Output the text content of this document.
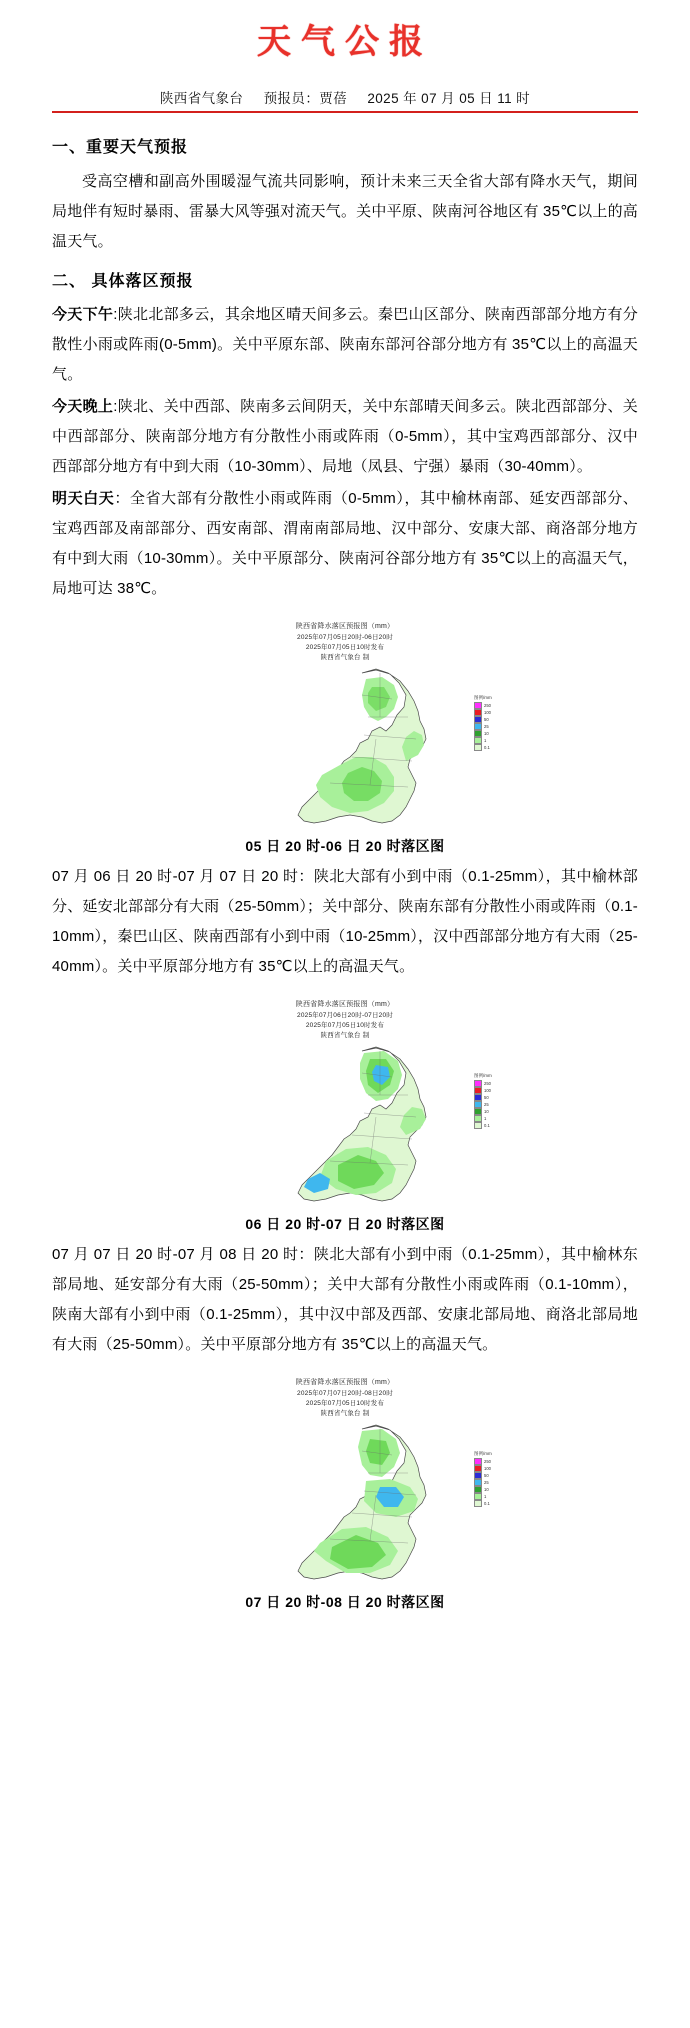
天气公报
陕西省气象台 预报员：贾蓓 2025 年 07 月 05 日 11 时
一、重要天气预报

受高空槽和副高外围暖湿气流共同影响，预计未来三天全省大部有降水天气，期间局地伴有短时暴雨、雷暴大风等强对流天气。关中平原、陕南河谷地区有 35℃以上的高温天气。

二、 具体落区预报

今天下午:陕北北部多云，其余地区晴天间多云。秦巴山区部分、陕南西部部分地方有分散性小雨或阵雨(0-5mm)。关中平原东部、陕南东部河谷部分地方有 35℃以上的高温天气。

今天晚上:陕北、关中西部、陕南多云间阴天，关中东部晴天间多云。陕北西部部分、关中西部部分、陕南部分地方有分散性小雨或阵雨（0-5mm），其中宝鸡西部部分、汉中西部部分地方有中到大雨（10-30mm）、局地（凤县、宁强）暴雨（30-40mm）。

明天白天：全省大部有分散性小雨或阵雨（0-5mm），其中榆林南部、延安西部部分、宝鸡西部及南部部分、西安南部、渭南南部局地、汉中部分、安康大部、商洛部分地方有中到大雨（10-30mm）。关中平原部分、陕南河谷部分地方有 35℃以上的高温天气，局地可达 38℃。

陕西省降水落区预报图（mm）
2025年07月05日20时-06日20时
2025年07月05日10时发布
陕西省气象台 制
图例/mm
250
100
50
25
10
1
0.1
05 日 20 时-06 日 20 时落区图

07 月 06 日 20 时-07 月 07 日 20 时：陕北大部有小到中雨（0.1-25mm），其中榆林部分、延安北部部分有大雨（25-50mm）；关中部分、陕南东部有分散性小雨或阵雨（0.1-10mm），秦巴山区、陕南西部有小到中雨（10-25mm），汉中西部部分地方有大雨（25-40mm）。关中平原部分地方有 35℃以上的高温天气。

陕西省降水落区预报图（mm）
2025年07月06日20时-07日20时
2025年07月05日10时发布
陕西省气象台 制
图例/mm
250
100
50
25
10
1
0.1
06 日 20 时-07 日 20 时落区图

07 月 07 日 20 时-07 月 08 日 20 时：陕北大部有小到中雨（0.1-25mm），其中榆林东部局地、延安部分有大雨（25-50mm）；关中大部有分散性小雨或阵雨（0.1-10mm），陕南大部有小到中雨（0.1-25mm），其中汉中部及西部、安康北部局地、商洛北部局地有大雨（25-50mm）。关中平原部分地方有 35℃以上的高温天气。

陕西省降水落区预报图（mm）
2025年07月07日20时-08日20时
2025年07月05日10时发布
陕西省气象台 制
图例/mm
250
100
50
25
10
1
0.1
07 日 20 时-08 日 20 时落区图
